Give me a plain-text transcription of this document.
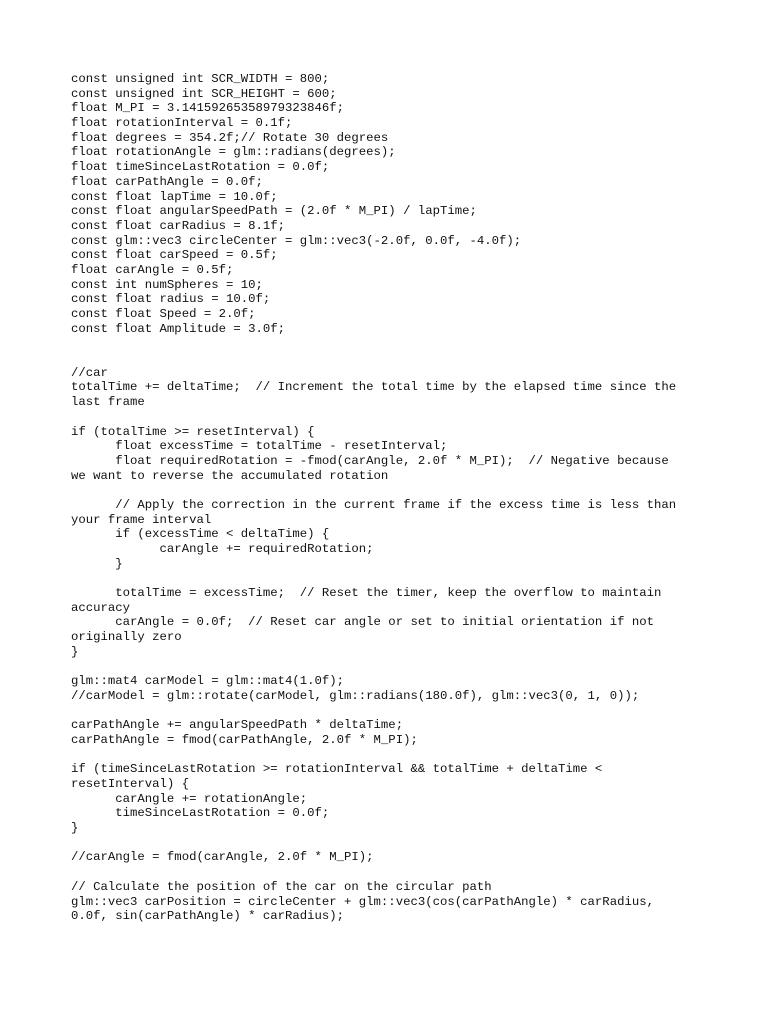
const unsigned int SCR_WIDTH = 800;
const unsigned int SCR_HEIGHT = 600;
float M_PI = 3.14159265358979323846f;
float rotationInterval = 0.1f;
float degrees = 354.2f;// Rotate 30 degrees
float rotationAngle = glm::radians(degrees);
float timeSinceLastRotation = 0.0f;
float carPathAngle = 0.0f;
const float lapTime = 10.0f;
const float angularSpeedPath = (2.0f * M_PI) / lapTime;
const float carRadius = 8.1f;
const glm::vec3 circleCenter = glm::vec3(-2.0f, 0.0f, -4.0f);
const float carSpeed = 0.5f;
float carAngle = 0.5f;
const int numSpheres = 10;
const float radius = 10.0f;
const float Speed = 2.0f;
const float Amplitude = 3.0f;
//car
totalTime += deltaTime;  // Increment the total time by the elapsed time since the
last frame
if (totalTime >= resetInterval) {
float excessTime = totalTime - resetInterval;
float requiredRotation = -fmod(carAngle, 2.0f * M_PI);  // Negative because
we want to reverse the accumulated rotation
// Apply the correction in the current frame if the excess time is less than
your frame interval
if (excessTime < deltaTime) {
carAngle += requiredRotation;
}
totalTime = excessTime;  // Reset the timer, keep the overflow to maintain
accuracy
carAngle = 0.0f;  // Reset car angle or set to initial orientation if not
originally zero
}
glm::mat4 carModel = glm::mat4(1.0f);
//carModel = glm::rotate(carModel, glm::radians(180.0f), glm::vec3(0, 1, 0));
carPathAngle += angularSpeedPath * deltaTime;
carPathAngle = fmod(carPathAngle, 2.0f * M_PI);
if (timeSinceLastRotation >= rotationInterval && totalTime + deltaTime <
resetInterval) {
carAngle += rotationAngle;
timeSinceLastRotation = 0.0f;
}
//carAngle = fmod(carAngle, 2.0f * M_PI);
// Calculate the position of the car on the circular path
glm::vec3 carPosition = circleCenter + glm::vec3(cos(carPathAngle) * carRadius,
0.0f, sin(carPathAngle) * carRadius);
